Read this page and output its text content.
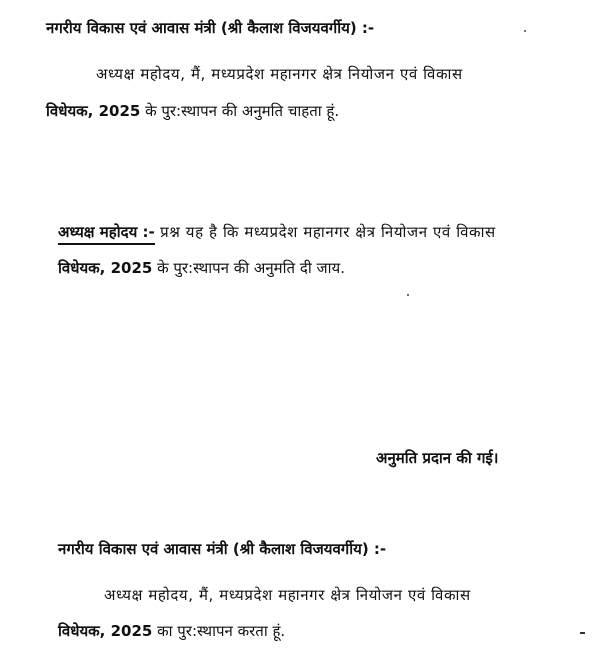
नगरीय विकास एवं आवास मंत्री (श्री कैलाश विजयवर्गीय) :-
अध्यक्ष महोदय, मैं, मध्यप्रदेश महानगर क्षेत्र नियोजन एवं विकास
विधेयक, 2025 के पुर:स्थापन की अनुमति चाहता हूं.
अध्यक्ष महोदय :- प्रश्न यह है कि मध्यप्रदेश महानगर क्षेत्र नियोजन एवं विकास
विधेयक, 2025 के पुर:स्थापन की अनुमति दी जाय.
अनुमति प्रदान की गई।
नगरीय विकास एवं आवास मंत्री (श्री कैलाश विजयवर्गीय) :-
अध्यक्ष महोदय, मैं, मध्यप्रदेश महानगर क्षेत्र नियोजन एवं विकास
विधेयक, 2025 का पुर:स्थापन करता हूं.
